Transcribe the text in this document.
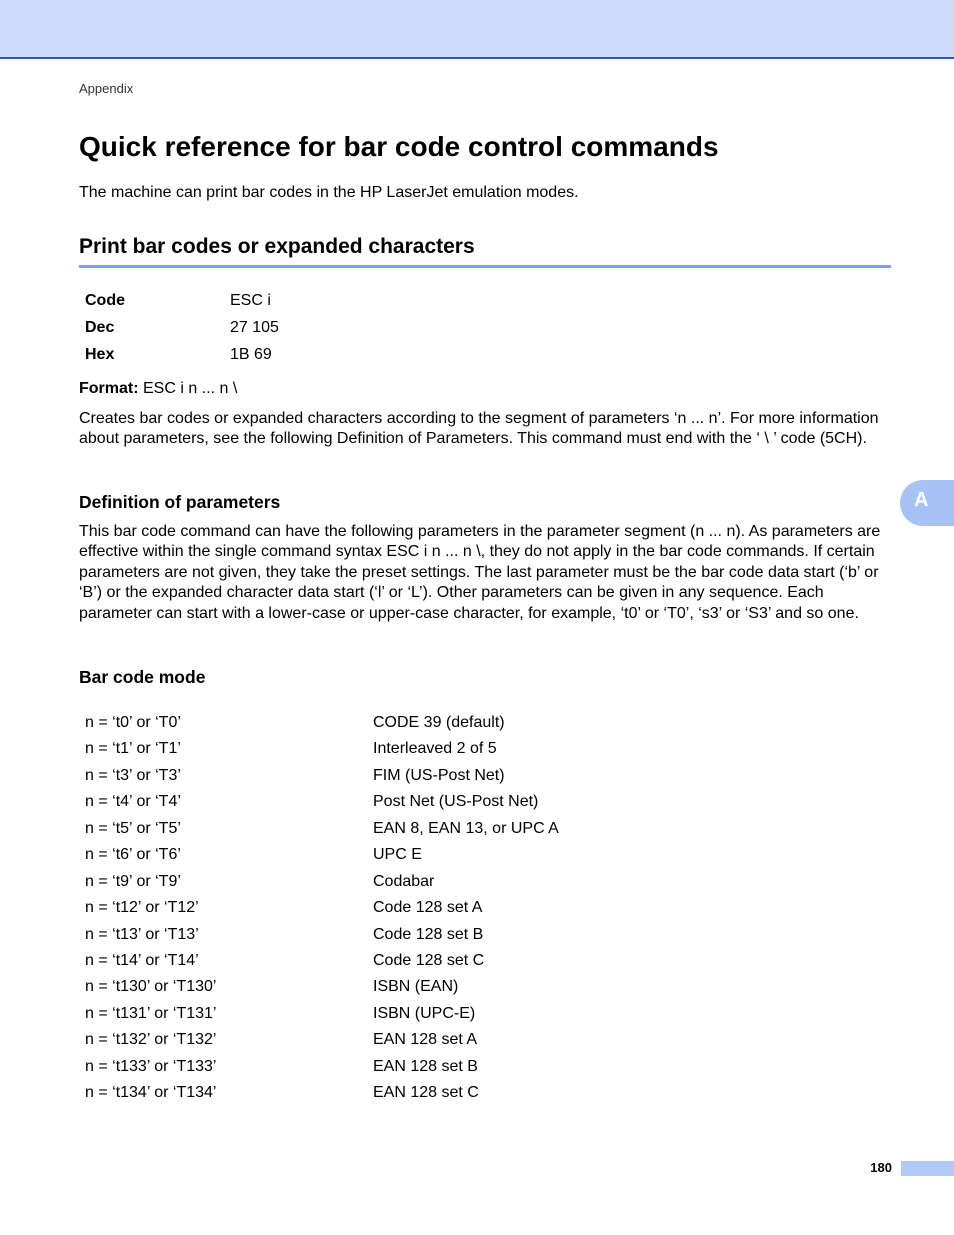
Appendix
Quick reference for bar code control commands

The machine can print bar codes in the HP LaserJet emulation modes.

Print bar codes or expanded characters
Code	ESC i
Dec	27 105
Hex	1B 69

Format: ESC i n ... n \

Creates bar codes or expanded characters according to the segment of parameters ‘n ... n’. For more information about parameters, see the following Definition of Parameters. This command must end with the ‘ \ ’ code (5CH).

Definition of parameters

This bar code command can have the following parameters in the parameter segment (n ... n). As parameters are effective within the single command syntax ESC i n ... n \, they do not apply in the bar code commands. If certain parameters are not given, they take the preset settings. The last parameter must be the bar code data start (‘b’ or ‘B’) or the expanded character data start (‘l’ or ‘L’). Other parameters can be given in any sequence. Each parameter can start with a lower-case or upper-case character, for example, ‘t0’ or ‘T0’, ‘s3’ or ‘S3’ and so one.

Bar code mode
n = ‘t0’ or ‘T0’	CODE 39 (default)
n = ‘t1’ or ‘T1’	Interleaved 2 of 5
n = ‘t3’ or ‘T3’	FIM (US-Post Net)
n = ‘t4’ or ‘T4’	Post Net (US-Post Net)
n = ‘t5’ or ‘T5’	EAN 8, EAN 13, or UPC A
n = ‘t6’ or ‘T6’	UPC E
n = ‘t9’ or ‘T9’	Codabar
n = ‘t12’ or ‘T12’	Code 128 set A
n = ‘t13’ or ‘T13’	Code 128 set B
n = ‘t14’ or ‘T14’	Code 128 set C
n = ‘t130’ or ‘T130’	ISBN (EAN)
n = ‘t131’ or ‘T131’	ISBN (UPC-E)
n = ‘t132’ or ‘T132’	EAN 128 set A
n = ‘t133’ or ‘T133’	EAN 128 set B
n = ‘t134’ or ‘T134’	EAN 128 set C
A
180
